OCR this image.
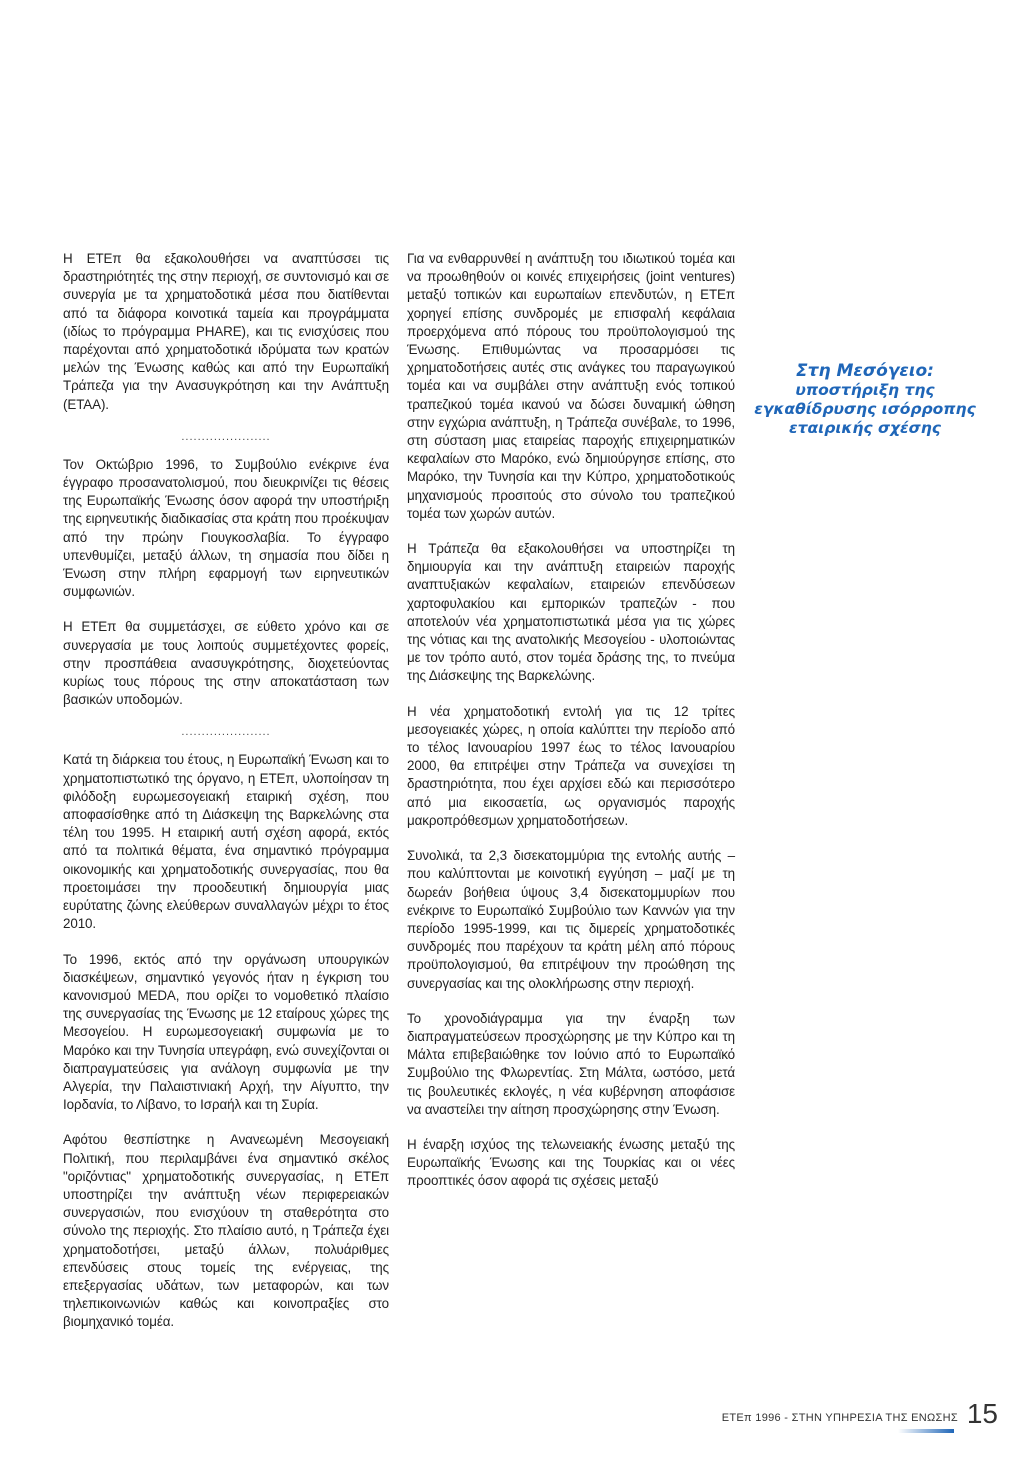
Η ΕΤΕπ θα εξακολουθήσει να αναπτύσσει τις δραστηριότητές της στην περιοχή, σε συντονισμό και σε συνεργία με τα χρηματοδοτικά μέσα που διατίθενται από τα διάφορα κοινοτικά ταμεία και προγράμματα (ιδίως το πρόγραμμα PHARE), και τις ενισχύσεις που παρέχονται από χρηματοδοτικά ιδρύματα των κρατών μελών της Ένωσης καθώς και από την Ευρωπαϊκή Τράπεζα για την Ανασυγκρότηση και την Ανάπτυξη (ΕΤΑΑ).

......................

Τον Οκτώβριο 1996, το Συμβούλιο ενέκρινε ένα έγγραφο προσανατολισμού, που διευκρινίζει τις θέσεις της Ευρωπαϊκής Ένωσης όσον αφορά την υποστήριξη της ειρηνευτικής διαδικασίας στα κράτη που προέκυψαν από την πρώην Γιουγκοσλαβία. Το έγγραφο υπενθυμίζει, μεταξύ άλλων, τη σημασία που δίδει η Ένωση στην πλήρη εφαρμογή των ειρηνευτικών συμφωνιών.

Η ΕΤΕπ θα συμμετάσχει, σε εύθετο χρόνο και σε συνεργασία με τους λοιπούς συμμετέχοντες φορείς, στην προσπάθεια ανασυγκρότησης, διοχετεύοντας κυρίως τους πόρους της στην αποκατάσταση των βασικών υποδομών.

......................

Κατά τη διάρκεια του έτους, η Ευρωπαϊκή Ένωση και το χρηματοπιστωτικό της όργανο, η ΕΤΕπ, υλοποίησαν τη φιλόδοξη ευρωμεσογειακή εταιρική σχέση, που αποφασίσθηκε από τη Διάσκεψη της Βαρκελώνης στα τέλη του 1995. Η εταιρική αυτή σχέση αφορά, εκτός από τα πολιτικά θέματα, ένα σημαντικό πρόγραμμα οικονομικής και χρηματοδοτικής συνεργασίας, που θα προετοιμάσει την προοδευτική δημιουργία μιας ευρύτατης ζώνης ελεύθερων συναλλαγών μέχρι το έτος 2010.

Το 1996, εκτός από την οργάνωση υπουργικών διασκέψεων, σημαντικό γεγονός ήταν η έγκριση του κανονισμού MEDA, που ορίζει το νομοθετικό πλαίσιο της συνεργασίας της Ένωσης με 12 εταίρους χώρες της Μεσογείου. Η ευρωμεσογειακή συμφωνία με το Μαρόκο και την Τυνησία υπεγράφη, ενώ συνεχίζονται οι διαπραγματεύσεις για ανάλογη συμφωνία με την Αλγερία, την Παλαιστινιακή Αρχή, την Αίγυπτο, την Ιορδανία, το Λίβανο, το Ισραήλ και τη Συρία.

Αφότου θεσπίστηκε η Ανανεωμένη Μεσογειακή Πολιτική, που περιλαμβάνει ένα σημαντικό σκέλος "οριζόντιας" χρηματοδοτικής συνεργασίας, η ΕΤΕπ υποστηρίζει την ανάπτυξη νέων περιφερειακών συνεργασιών, που ενισχύουν τη σταθερότητα στο σύνολο της περιοχής. Στο πλαίσιο αυτό, η Τράπεζα έχει χρηματοδοτήσει, μεταξύ άλλων, πολυάριθμες επενδύσεις στους τομείς της ενέργειας, της επεξεργασίας υδάτων, των μεταφορών, και των τηλεπικοινωνιών καθώς και κοινοπραξίες στο βιομηχανικό τομέα.

Για να ενθαρρυνθεί η ανάπτυξη του ιδιωτικού τομέα και να προωθηθούν οι κοινές επιχειρήσεις (joint ventures) μεταξύ τοπικών και ευρωπαίων επενδυτών, η ΕΤΕπ χορηγεί επίσης συνδρομές με επισφαλή κεφάλαια προερχόμενα από πόρους του προϋπολογισμού της Ένωσης. Επιθυμώντας να προσαρμόσει τις χρηματοδοτήσεις αυτές στις ανάγκες του παραγωγικού τομέα και να συμβάλει στην ανάπτυξη ενός τοπικού τραπεζικού τομέα ικανού να δώσει δυναμική ώθηση στην εγχώρια ανάπτυξη, η Τράπεζα συνέβαλε, το 1996, στη σύσταση μιας εταιρείας παροχής επιχειρηματικών κεφαλαίων στο Μαρόκο, ενώ δημιούργησε επίσης, στο Μαρόκο, την Τυνησία και την Κύπρο, χρηματοδοτικούς μηχανισμούς προσιτούς στο σύνολο του τραπεζικού τομέα των χωρών αυτών.

Η Τράπεζα θα εξακολουθήσει να υποστηρίζει τη δημιουργία και την ανάπτυξη εταιρειών παροχής αναπτυξιακών κεφαλαίων, εταιρειών επενδύσεων χαρτοφυλακίου και εμπορικών τραπεζών - που αποτελούν νέα χρηματοπιστωτικά μέσα για τις χώρες της νότιας και της ανατολικής Μεσογείου - υλοποιώντας με τον τρόπο αυτό, στον τομέα δράσης της, το πνεύμα της Διάσκεψης της Βαρκελώνης.

Η νέα χρηματοδοτική εντολή για τις 12 τρίτες μεσογειακές χώρες, η οποία καλύπτει την περίοδο από το τέλος Ιανουαρίου 1997 έως το τέλος Ιανουαρίου 2000, θα επιτρέψει στην Τράπεζα να συνεχίσει τη δραστηριότητα, που έχει αρχίσει εδώ και περισσότερο από μια εικοσαετία, ως οργανισμός παροχής μακροπρόθεσμων χρηματοδοτήσεων.

Συνολικά, τα 2,3 δισεκατομμύρια της εντολής αυτής – που καλύπτονται με κοινοτική εγγύηση – μαζί με τη δωρεάν βοήθεια ύψους 3,4 δισεκατομμυρίων που ενέκρινε το Ευρωπαϊκό Συμβούλιο των Καννών για την περίοδο 1995-1999, και τις διμερείς χρηματοδοτικές συνδρομές που παρέχουν τα κράτη μέλη από πόρους προϋπολογισμού, θα επιτρέψουν την προώθηση της συνεργασίας και της ολοκλήρωσης στην περιοχή.

Το χρονοδιάγραμμα για την έναρξη των διαπραγματεύσεων προσχώρησης με την Κύπρο και τη Μάλτα επιβεβαιώθηκε τον Ιούνιο από το Ευρωπαϊκό Συμβούλιο της Φλωρεντίας. Στη Μάλτα, ωστόσο, μετά τις βουλευτικές εκλογές, η νέα κυβέρνηση αποφάσισε να αναστείλει την αίτηση προσχώρησης στην Ένωση.

Η έναρξη ισχύος της τελωνειακής ένωσης μεταξύ της Ευρωπαϊκής Ένωσης και της Τουρκίας και οι νέες προοπτικές όσον αφορά τις σχέσεις μεταξύ

Στη Μεσόγειο:
υποστήριξη της
εγκαθίδρυσης ισόρροπης
εταιρικής σχέσης
ΕΤΕπ 1996 - ΣΤΗΝ ΥΠΗΡΕΣΙΑ ΤΗΣ ΕΝΩΣΗΣ 15
